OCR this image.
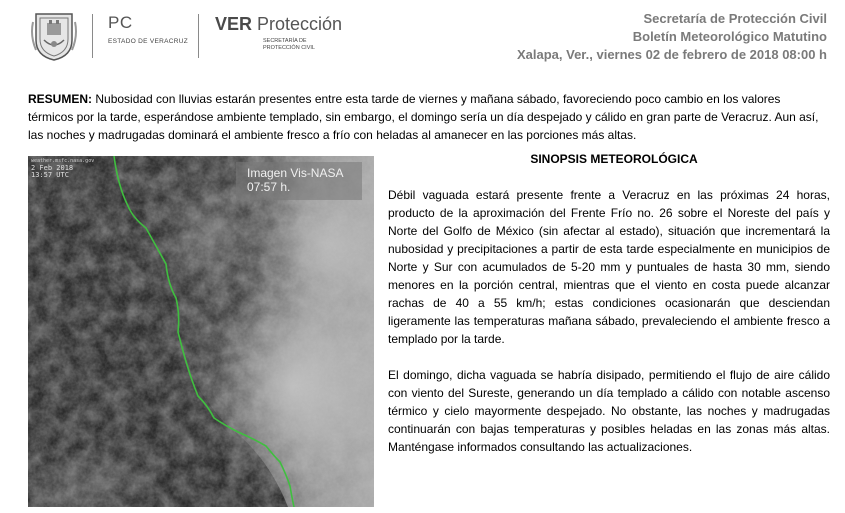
PC
ESTADO DE VERACRUZ
VER Protección
SECRETARÍA DE PROTECCIÓN CIVIL
Secretaría de Protección Civil
Boletín Meteorológico Matutino
Xalapa, Ver., viernes 02 de febrero de 2018 08:00 h
RESUMEN: Nubosidad con lluvias estarán presentes entre esta tarde de viernes y mañana sábado, favoreciendo poco cambio en los valores térmicos por la tarde, esperándose ambiente templado, sin embargo, el domingo sería un día despejado y cálido en gran parte de Veracruz. Aun así, las noches y madrugadas dominará el ambiente fresco a frío con heladas al amanecer en las porciones más altas.
weather.msfc.nasa.gov
2 Feb 2018
13:57 UTC	Imagen Vis-NASA
07:57 h.
SINOPSIS METEOROLÓGICA

Débil vaguada estará presente frente a Veracruz en las próximas 24 horas, producto de la aproximación del Frente Frío no. 26 sobre el Noreste del país y Norte del Golfo de México (sin afectar al estado), situación que incrementará la nubosidad y precipitaciones a partir de esta tarde especialmente en municipios de Norte y Sur con acumulados de 5-20 mm y puntuales de hasta 30 mm, siendo menores en la porción central, mientras que el viento en costa puede alcanzar rachas de 40 a 55 km/h; estas condiciones ocasionarán que desciendan ligeramente las temperaturas mañana sábado, prevaleciendo el ambiente fresco a templado por la tarde.

El domingo, dicha vaguada se habría disipado, permitiendo el flujo de aire cálido con viento del Sureste, generando un día templado a cálido con notable ascenso térmico y cielo mayormente despejado. No obstante, las noches y madrugadas continuarán con bajas temperaturas y posibles heladas en las zonas más altas. Manténgase informados consultando las actualizaciones.
